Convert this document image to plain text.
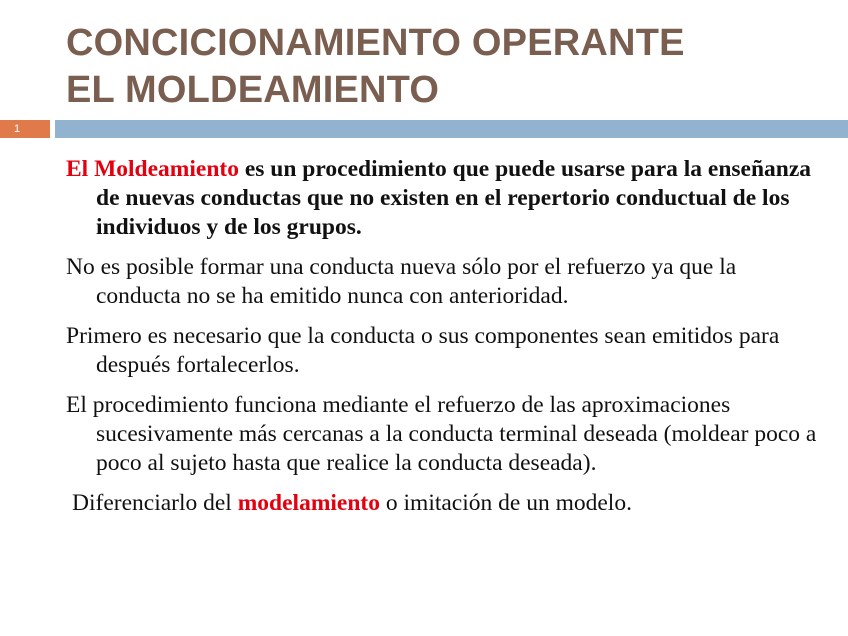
CONCICIONAMIENTO OPERANTE
EL MOLDEAMIENTO
1

El Moldeamiento es un procedimiento que puede usarse para la enseñanza de nuevas conductas que no existen en el repertorio conductual de los individuos y de los grupos.

No es posible formar una conducta nueva sólo por el refuerzo ya que la conducta no se ha emitido nunca con anterioridad.

Primero es necesario que la conducta o sus componentes sean emitidos para después fortalecerlos.

El procedimiento funciona mediante el refuerzo de las aproximaciones sucesivamente más cercanas a la conducta terminal deseada (moldear poco a poco al sujeto hasta que realice la conducta deseada).

Diferenciarlo del modelamiento o imitación de un modelo.
